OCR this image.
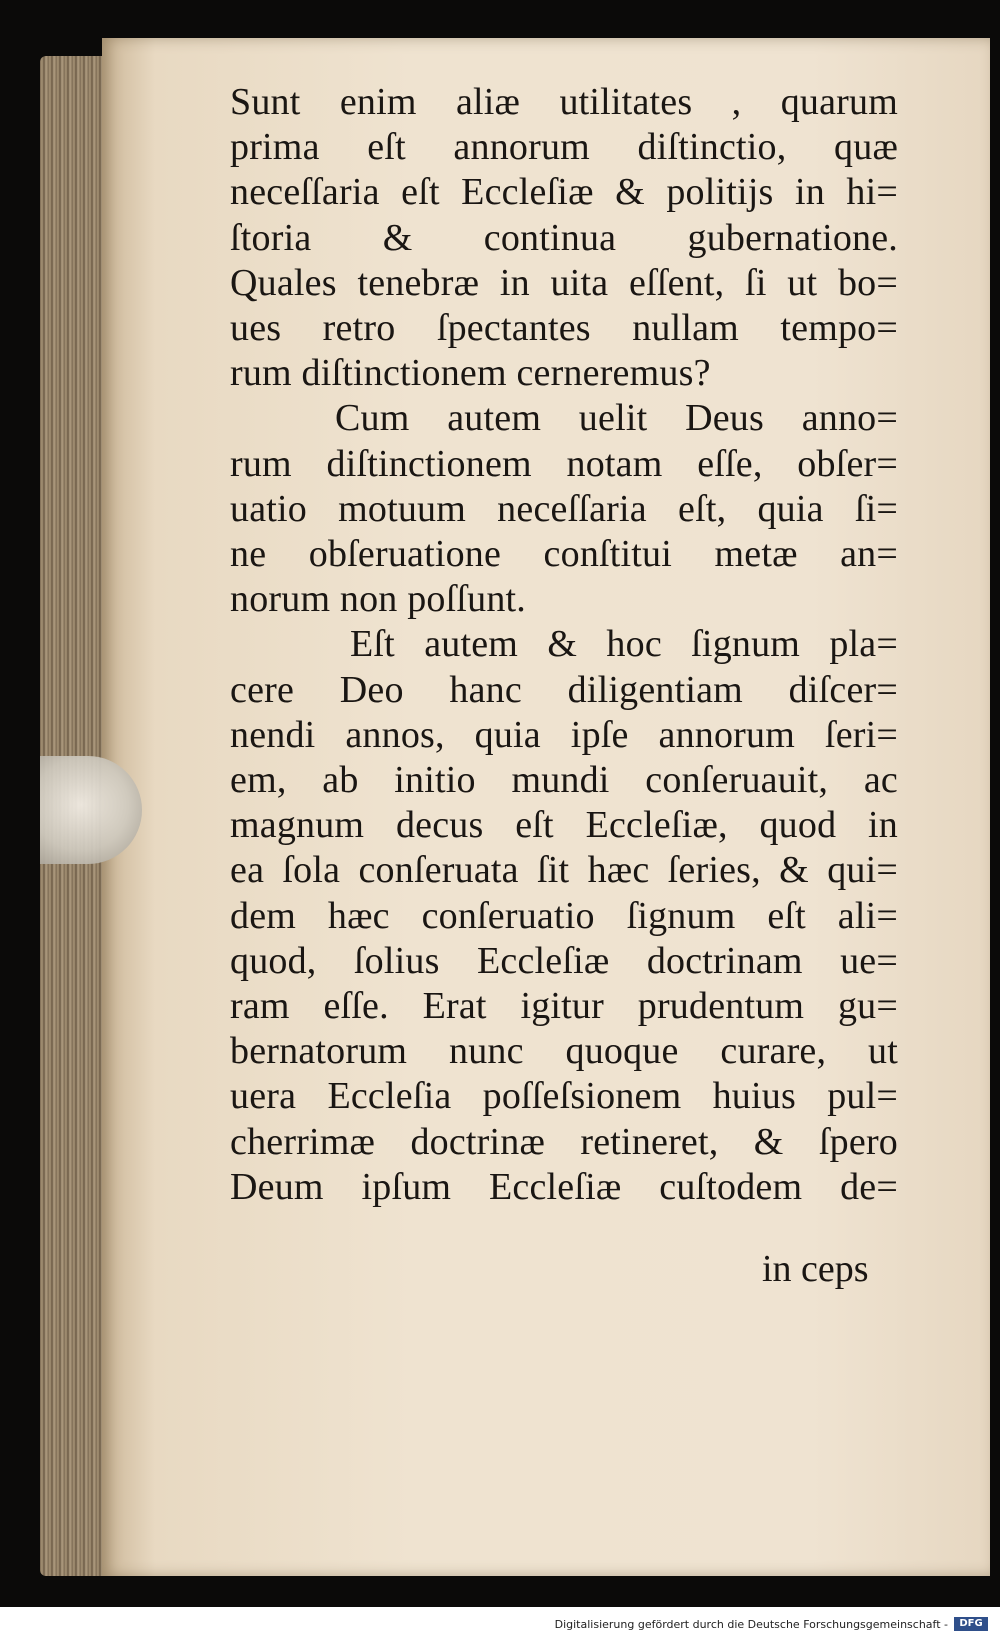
Sunt enim aliæ utilitates , quarum
prima eſt annorum diſtinctio, quæ
neceſſaria eſt Eccleſiæ & politijs in hi=
ſtoria & continua gubernatione.
Quales tenebræ in uita eſſent, ſi ut bo=
ues retro ſpectantes nullam tempo=
rum diſtinctionem cerneremus?
Cum autem uelit Deus anno=
rum diſtinctionem notam eſſe, obſer=
uatio motuum neceſſaria eſt, quia ſi=
ne obſeruatione conſtitui metæ an=
norum non poſſunt.
Eſt autem & hoc ſignum pla=
cere Deo hanc diligentiam diſcer=
nendi annos, quia ipſe annorum ſeri=
em, ab initio mundi conſeruauit, ac
magnum decus eſt Eccleſiæ, quod in
ea ſola conſeruata ſit hæc ſeries, & qui=
dem hæc conſeruatio ſignum eſt ali=
quod, ſolius Eccleſiæ doctrinam ue=
ram eſſe. Erat igitur prudentum gu=
bernatorum nunc quoque curare, ut
uera Eccleſia poſſeſsionem huius pul=
cherrimæ doctrinæ retineret, & ſpero
Deum ipſum Eccleſiæ cuſtodem de=
in ceps
Digitalisierung gefördert durch die Deutsche Forschungsgemeinschaft -	DFG
